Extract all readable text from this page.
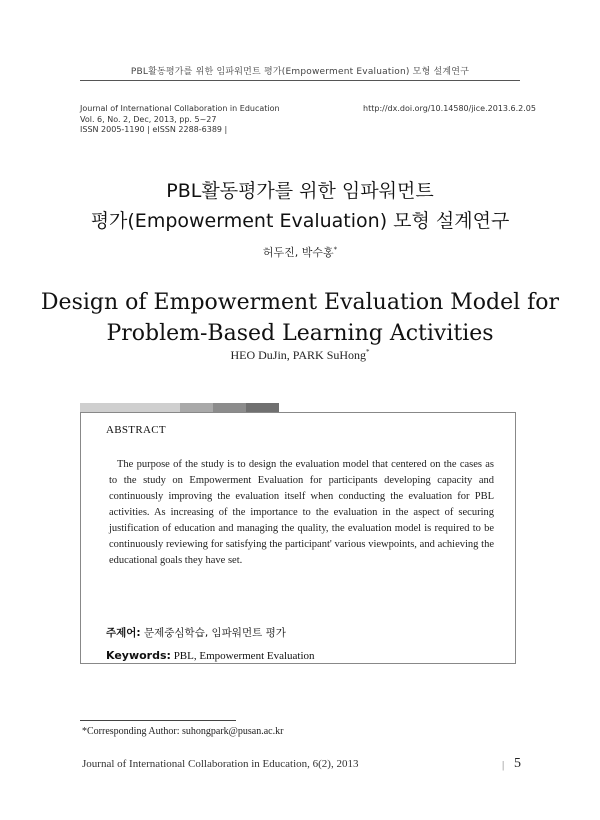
PBL활동평가를 위한 임파워먼트 평가(Empowerment Evaluation) 모형 설계연구
Journal of International Collaboration in Education
Vol. 6, No. 2, Dec, 2013, pp. 5~27
ISSN 2005-1190 | eISSN 2288-6389 |
http://dx.doi.org/10.14580/jice.2013.6.2.05
PBL활동평가를 위한 임파워먼트
평가(Empowerment Evaluation) 모형 설계연구
허두진, 박수홍*
Design of Empowerment Evaluation Model for
Problem-Based Learning Activities
HEO DuJin, PARK SuHong*
ABSTRACT
The purpose of the study is to design the evaluation model that centered on the cases as to the study on Empowerment Evaluation for participants developing capacity and continuously improving the evaluation itself when conducting the evaluation for PBL activities. As increasing of the importance to the evaluation in the aspect of securing justification of education and managing the quality, the evaluation model is required to be continuously reviewing for satisfying the participant' various viewpoints, and achieving the educational goals they have set.
주제어: 문제중심학습, 임파워먼트 평가
Keywords: PBL, Empowerment Evaluation
*Corresponding Author: suhongpark@pusan.ac.kr
Journal of International Collaboration in Education, 6(2), 2013	| 5
